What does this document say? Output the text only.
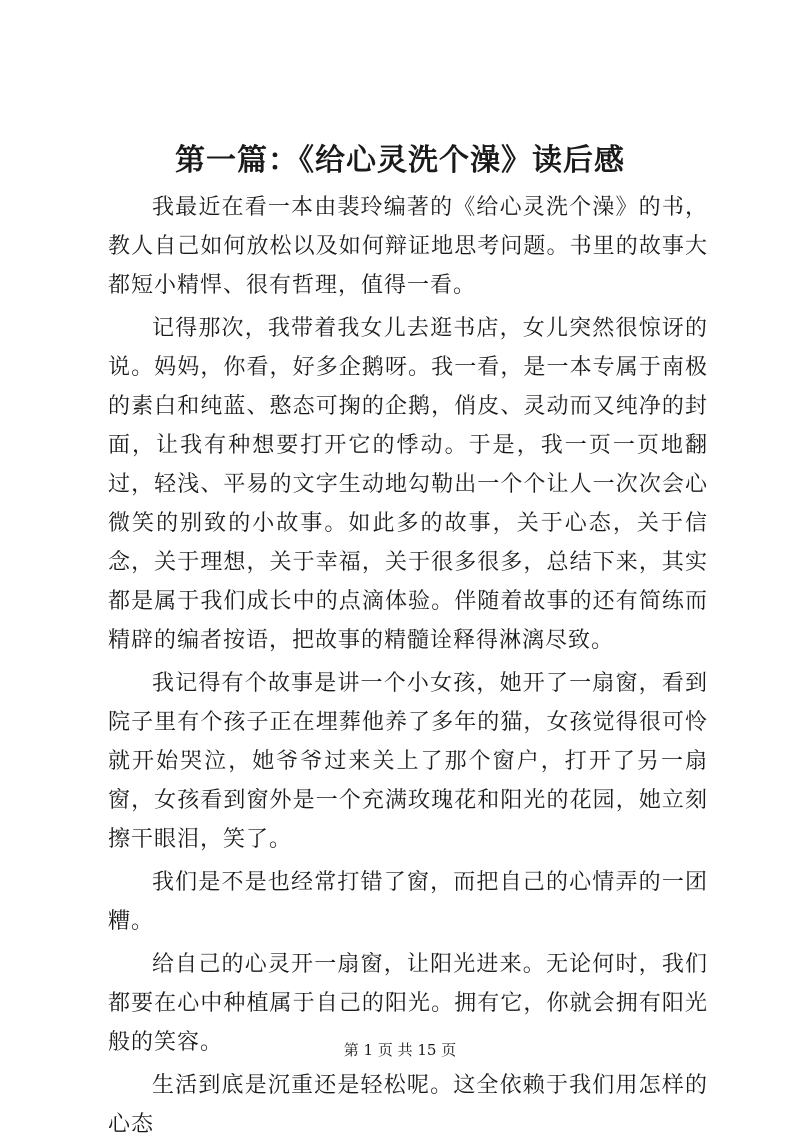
第一篇：《给心灵洗个澡》读后感

我最近在看一本由裴玲编著的《给心灵洗个澡》的书，教人自己如何放松以及如何辩证地思考问题。书里的故事大都短小精悍、很有哲理，值得一看。

记得那次，我带着我女儿去逛书店，女儿突然很惊讶的说。妈妈，你看，好多企鹅呀。我一看，是一本专属于南极的素白和纯蓝、憨态可掬的企鹅，俏皮、灵动而又纯净的封面，让我有种想要打开它的悸动。于是，我一页一页地翻过，轻浅、平易的文字生动地勾勒出一个个让人一次次会心微笑的别致的小故事。如此多的故事，关于心态，关于信念，关于理想，关于幸福，关于很多很多，总结下来，其实都是属于我们成长中的点滴体验。伴随着故事的还有简练而精辟的编者按语，把故事的精髓诠释得淋漓尽致。

我记得有个故事是讲一个小女孩，她开了一扇窗，看到院子里有个孩子正在埋葬他养了多年的猫，女孩觉得很可怜就开始哭泣，她爷爷过来关上了那个窗户，打开了另一扇窗，女孩看到窗外是一个充满玫瑰花和阳光的花园，她立刻擦干眼泪，笑了。

我们是不是也经常打错了窗，而把自己的心情弄的一团糟。

给自己的心灵开一扇窗，让阳光进来。无论何时，我们都要在心中种植属于自己的阳光。拥有它，你就会拥有阳光般的笑容。

生活到底是沉重还是轻松呢。这全依赖于我们用怎样的心态

第 1 页 共 15 页
